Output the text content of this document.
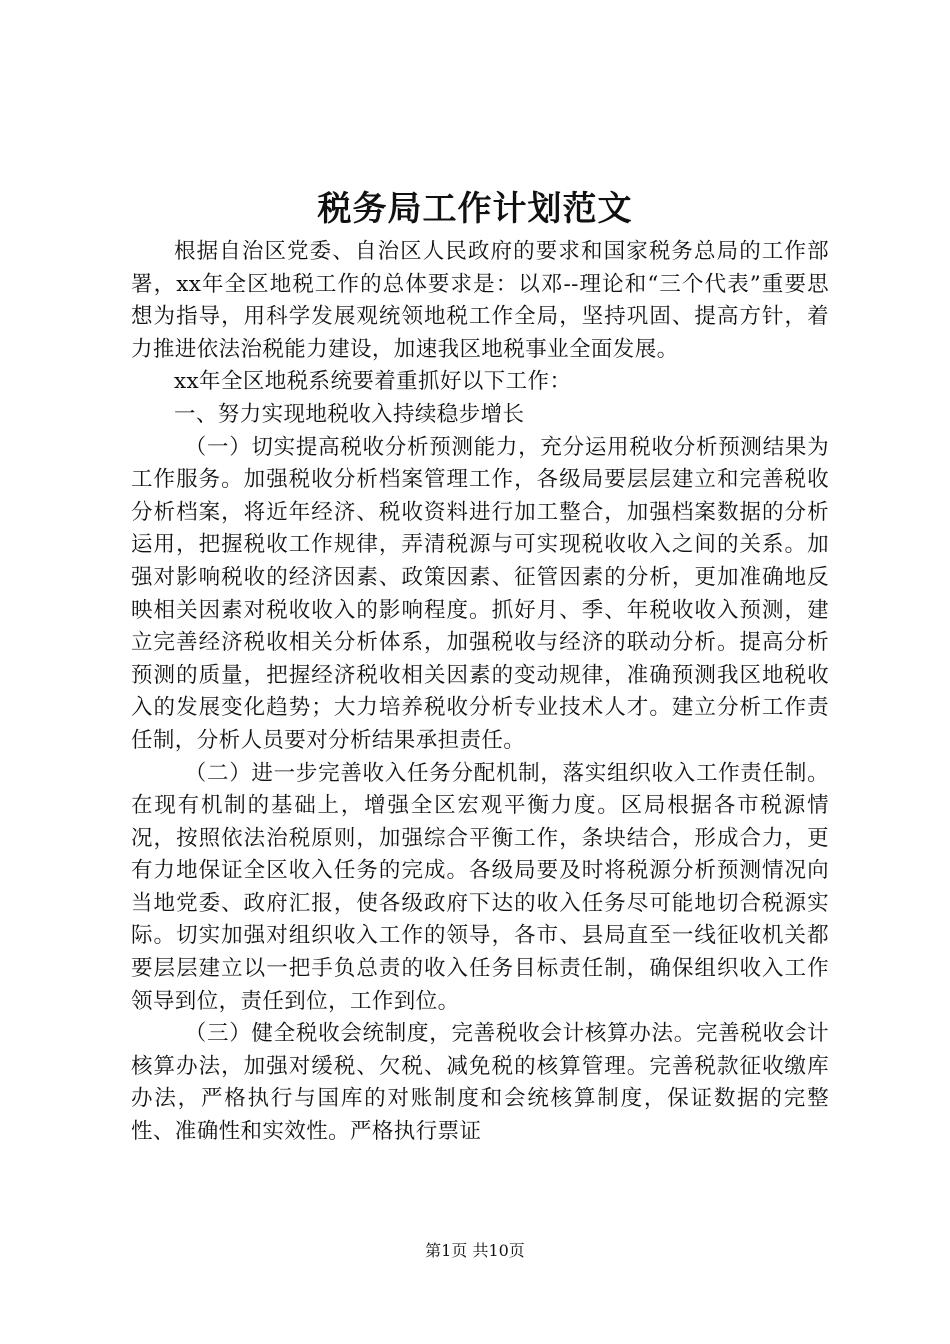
税务局工作计划范文

根据自治区党委、自治区人民政府的要求和国家税务总局的工作部署，xx年全区地税工作的总体要求是：以邓--理论和“三个代表”重要思想为指导，用科学发展观统领地税工作全局，坚持巩固、提高方针，着力推进依法治税能力建设，加速我区地税事业全面发展。

xx年全区地税系统要着重抓好以下工作：

一、努力实现地税收入持续稳步增长

（一）切实提高税收分析预测能力，充分运用税收分析预测结果为工作服务。加强税收分析档案管理工作，各级局要层层建立和完善税收分析档案，将近年经济、税收资料进行加工整合，加强档案数据的分析运用，把握税收工作规律，弄清税源与可实现税收收入之间的关系。加强对影响税收的经济因素、政策因素、征管因素的分析，更加准确地反映相关因素对税收收入的影响程度。抓好月、季、年税收收入预测，建立完善经济税收相关分析体系，加强税收与经济的联动分析。提高分析预测的质量，把握经济税收相关因素的变动规律，准确预测我区地税收入的发展变化趋势；大力培养税收分析专业技术人才。建立分析工作责任制，分析人员要对分析结果承担责任。

（二）进一步完善收入任务分配机制，落实组织收入工作责任制。在现有机制的基础上，增强全区宏观平衡力度。区局根据各市税源情况，按照依法治税原则，加强综合平衡工作，条块结合，形成合力，更有力地保证全区收入任务的完成。各级局要及时将税源分析预测情况向当地党委、政府汇报，使各级政府下达的收入任务尽可能地切合税源实际。切实加强对组织收入工作的领导，各市、县局直至一线征收机关都要层层建立以一把手负总责的收入任务目标责任制，确保组织收入工作领导到位，责任到位，工作到位。

（三）健全税收会统制度，完善税收会计核算办法。完善税收会计核算办法，加强对缓税、欠税、减免税的核算管理。完善税款征收缴库办法，严格执行与国库的对账制度和会统核算制度，保证数据的完整性、准确性和实效性。严格执行票证

第1页 共10页
